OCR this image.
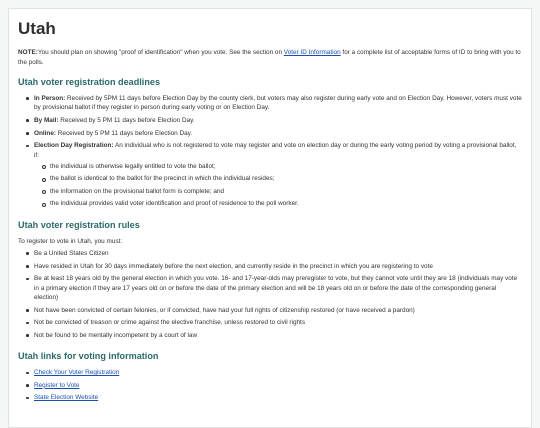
Utah

NOTE:You should plan on showing "proof of identification" when you vote. See the section on Voter ID Information for a complete list of acceptable forms of ID to bring with you to the polls.

Utah voter registration deadlines
In Person: Received by 5PM 11 days before Election Day by the county clerk, but voters may also register during early vote and on Election Day. However, voters must vote by provisional ballot if they register in person during early voting or on Election Day.
By Mail: Received by 5 PM 11 days before Election Day.
Online: Received by 5 PM 11 days before Election Day.
Election Day Registration: An individual who is not registered to vote may register and vote on election day or during the early voting period by voting a provisional ballot, if:
the individual is otherwise legally entitled to vote the ballot;
the ballot is identical to the ballot for the precinct in which the individual resides;
the information on the provisional ballot form is complete; and
the individual provides valid voter identification and proof of residence to the poll worker.
Utah voter registration rules

To register to vote in Utah, you must:

Be a United States Citizen
Have resided in Utah for 30 days immediately before the next election, and currently reside in the precinct in which you are registering to vote
Be at least 18 years old by the general election in which you vote. 16- and 17-year-olds may preregister to vote, but they cannot vote until they are 18 (individuals may vote in a primary election if they are 17 years old on or before the date of the primary election and will be 18 years old on or before the date of the corresponding general election)
Not have been convicted of certain felonies, or if convicted, have had your full rights of citizenship restored (or have received a pardon)
Not be convicted of treason or crime against the elective franchise, unless restored to civil rights
Not be found to be mentally incompetent by a court of law
Utah links for voting information
Check Your Voter Registration
Register to Vote
State Election Website
